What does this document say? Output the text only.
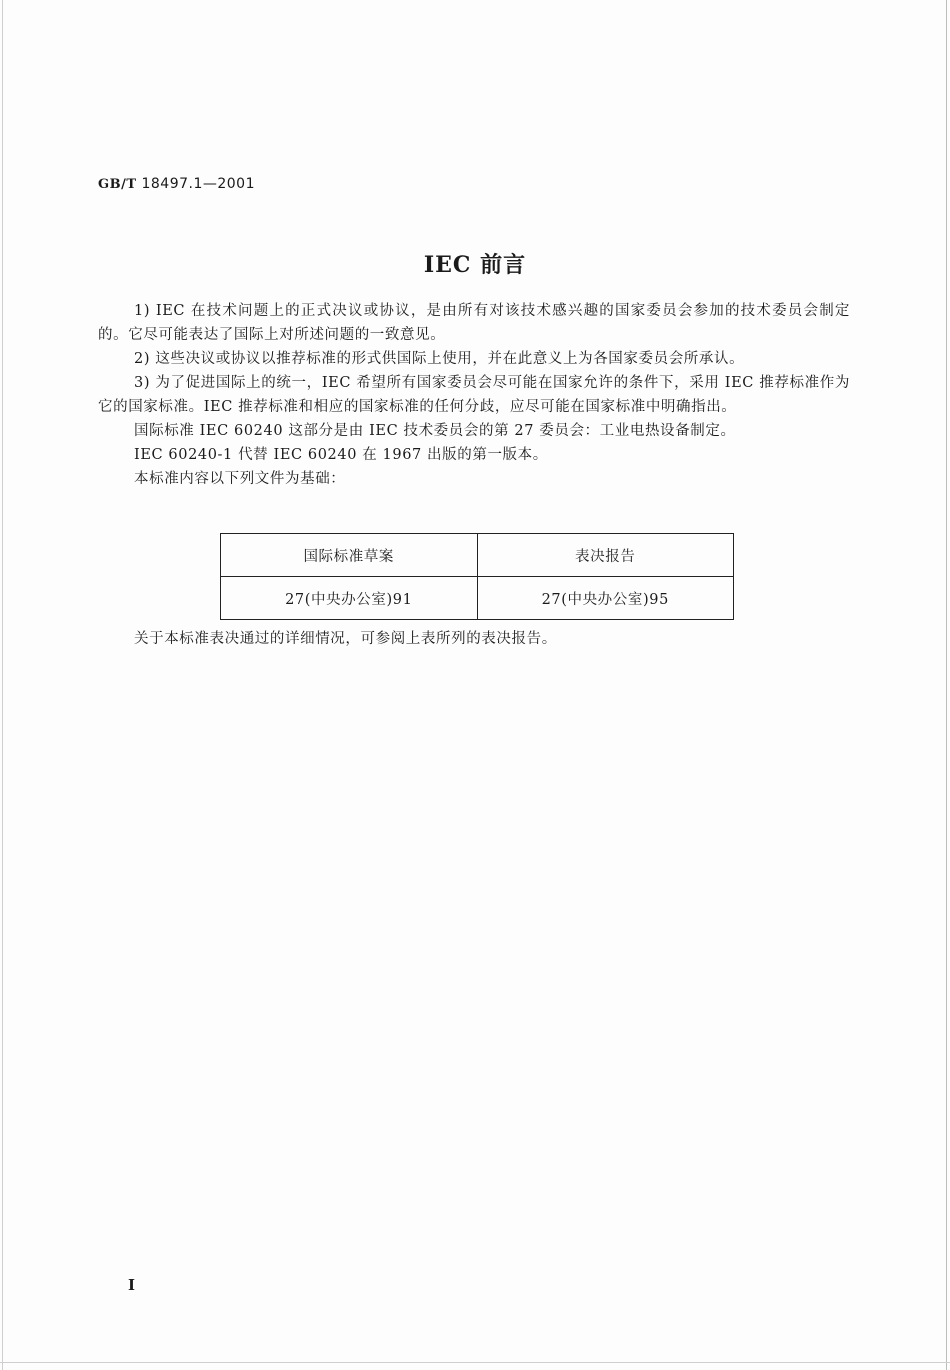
GB/T 18497.1—2001
IEC 前言

1) IEC 在技术问题上的正式决议或协议，是由所有对该技术感兴趣的国家委员会参加的技术委员会制定的。它尽可能表达了国际上对所述问题的一致意见。

2) 这些决议或协议以推荐标准的形式供国际上使用，并在此意义上为各国家委员会所承认。

3) 为了促进国际上的统一，IEC 希望所有国家委员会尽可能在国家允许的条件下，采用 IEC 推荐标准作为它的国家标准。IEC 推荐标准和相应的国家标准的任何分歧，应尽可能在国家标准中明确指出。

国际标准 IEC 60240 这部分是由 IEC 技术委员会的第 27 委员会：工业电热设备制定。

IEC 60240-1 代替 IEC 60240 在 1967 出版的第一版本。

本标准内容以下列文件为基础：

国际标准草案	表决报告
27(中央办公室)91	27(中央办公室)95

关于本标准表决通过的详细情况，可参阅上表所列的表决报告。

I
